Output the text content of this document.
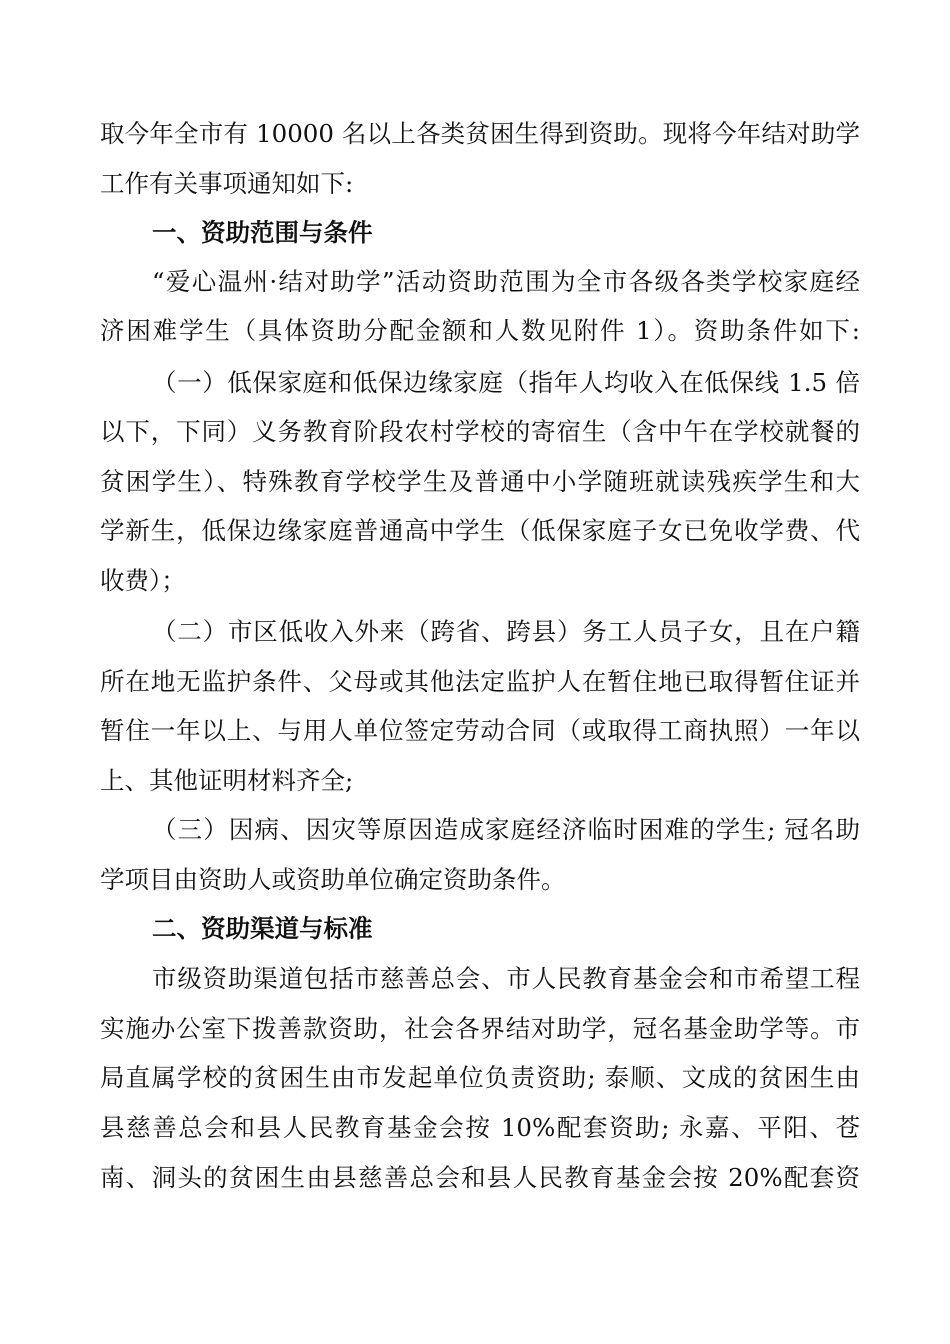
取今年全市有 10000 名以上各类贫困生得到资助。现将今年结对助学
工作有关事项通知如下:
一、资助范围与条件
“爱心温州·结对助学”活动资助范围为全市各级各类学校家庭经
济困难学生（具体资助分配金额和人数见附件 1）。资助条件如下:
（一）低保家庭和低保边缘家庭（指年人均收入在低保线 1.5 倍
以下，下同）义务教育阶段农村学校的寄宿生（含中午在学校就餐的
贫困学生）、特殊教育学校学生及普通中小学随班就读残疾学生和大
学新生，低保边缘家庭普通高中学生（低保家庭子女已免收学费、代
收费）；
（二）市区低收入外来（跨省、跨县）务工人员子女，且在户籍
所在地无监护条件、父母或其他法定监护人在暂住地已取得暂住证并
暂住一年以上、与用人单位签定劳动合同（或取得工商执照）一年以
上、其他证明材料齐全;
（三）因病、因灾等原因造成家庭经济临时困难的学生; 冠名助
学项目由资助人或资助单位确定资助条件。
二、资助渠道与标准
市级资助渠道包括市慈善总会、市人民教育基金会和市希望工程
实施办公室下拨善款资助，社会各界结对助学，冠名基金助学等。市
局直属学校的贫困生由市发起单位负责资助; 泰顺、文成的贫困生由
县慈善总会和县人民教育基金会按 10%配套资助; 永嘉、平阳、苍
南、洞头的贫困生由县慈善总会和县人民教育基金会按 20%配套资
